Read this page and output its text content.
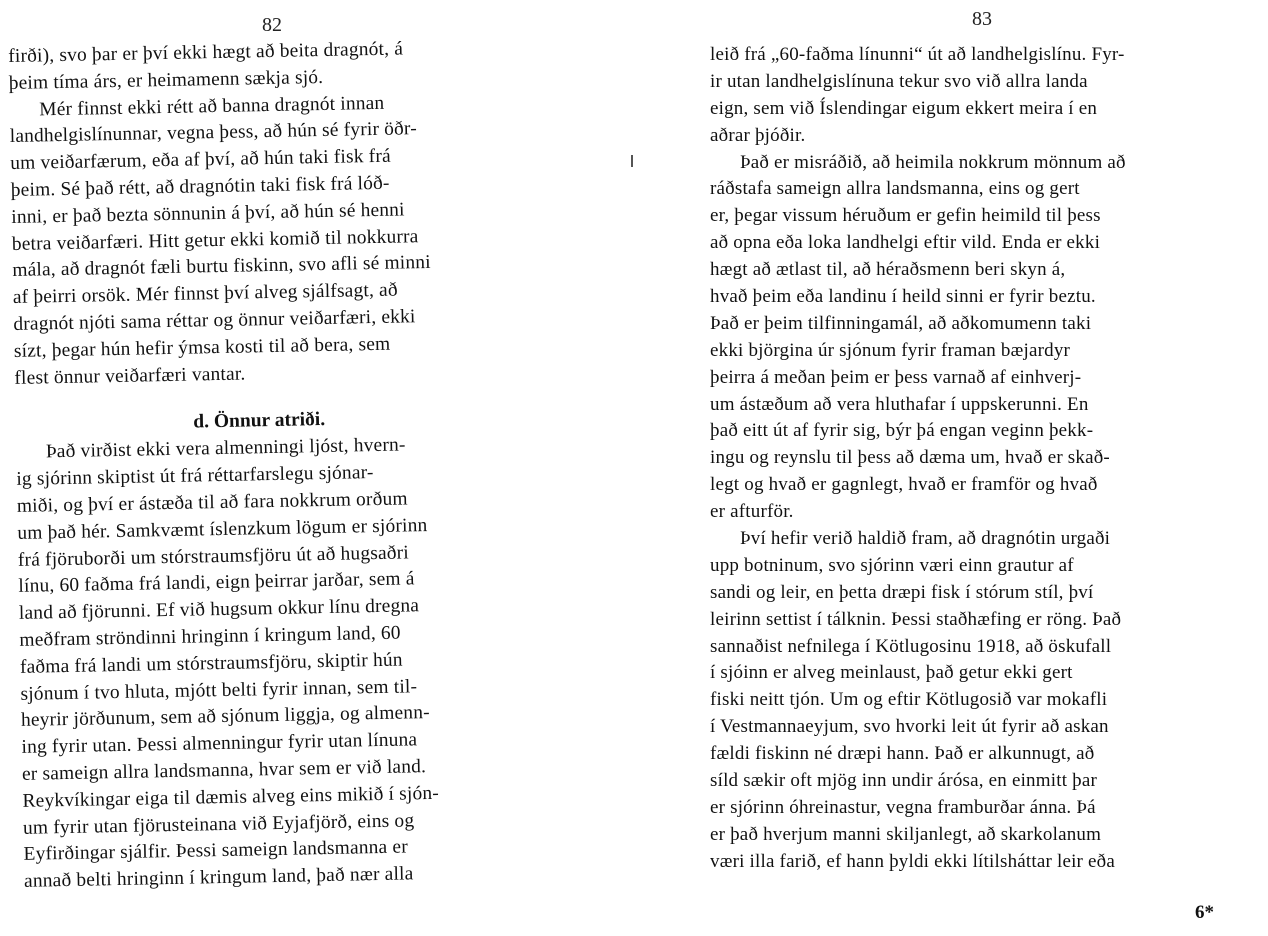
82
firði), svo þar er því ekki hægt að beita dragnót, á
þeim tíma árs, er heimamenn sækja sjó.
Mér finnst ekki rétt að banna dragnót innan
landhelgislínunnar, vegna þess, að hún sé fyrir öðr-
um veiðarfærum, eða af því, að hún taki fisk frá
þeim. Sé það rétt, að dragnótin taki fisk frá lóð-
inni, er það bezta sönnunin á því, að hún sé henni
betra veiðarfæri. Hitt getur ekki komið til nokkurra
mála, að dragnót fæli burtu fiskinn, svo afli sé minni
af þeirri orsök. Mér finnst því alveg sjálfsagt, að
dragnót njóti sama réttar og önnur veiðarfæri, ekki
sízt, þegar hún hefir ýmsa kosti til að bera, sem
flest önnur veiðarfæri vantar.
d. Önnur atriði.
Það virðist ekki vera almenningi ljóst, hvern-
ig sjórinn skiptist út frá réttarfarslegu sjónar-
miði, og því er ástæða til að fara nokkrum orðum
um það hér. Samkvæmt íslenzkum lögum er sjórinn
frá fjöruborði um stórstraumsfjöru út að hugsaðri
línu, 60 faðma frá landi, eign þeirrar jarðar, sem á
land að fjörunni. Ef við hugsum okkur línu dregna
meðfram ströndinni hringinn í kringum land, 60
faðma frá landi um stórstraumsfjöru, skiptir hún
sjónum í tvo hluta, mjótt belti fyrir innan, sem til-
heyrir jörðunum, sem að sjónum liggja, og almenn-
ing fyrir utan. Þessi almenningur fyrir utan línuna
er sameign allra landsmanna, hvar sem er við land.
Reykvíkingar eiga til dæmis alveg eins mikið í sjón-
um fyrir utan fjörusteinana við Eyjafjörð, eins og
Eyfirðingar sjálfir. Þessi sameign landsmanna er
annað belti hringinn í kringum land, það nær alla
83
leið frá „60-faðma línunni“ út að landhelgislínu. Fyr-
ir utan landhelgislínuna tekur svo við allra landa
eign, sem við Íslendingar eigum ekkert meira í en
aðrar þjóðir.
Það er misráðið, að heimila nokkrum mönnum að
ráðstafa sameign allra landsmanna, eins og gert
er, þegar vissum héruðum er gefin heimild til þess
að opna eða loka landhelgi eftir vild. Enda er ekki
hægt að ætlast til, að héraðsmenn beri skyn á,
hvað þeim eða landinu í heild sinni er fyrir beztu.
Það er þeim tilfinningamál, að aðkomumenn taki
ekki björgina úr sjónum fyrir framan bæjardyr
þeirra á meðan þeim er þess varnað af einhverj-
um ástæðum að vera hluthafar í uppskerunni. En
það eitt út af fyrir sig, býr þá engan veginn þekk-
ingu og reynslu til þess að dæma um, hvað er skað-
legt og hvað er gagnlegt, hvað er framför og hvað
er afturför.
Því hefir verið haldið fram, að dragnótin urgaði
upp botninum, svo sjórinn væri einn grautur af
sandi og leir, en þetta dræpi fisk í stórum stíl, því
leirinn settist í tálknin. Þessi staðhæfing er röng. Það
sannaðist nefnilega í Kötlugosinu 1918, að öskufall
í sjóinn er alveg meinlaust, það getur ekki gert
fiski neitt tjón. Um og eftir Kötlugosið var mokafli
í Vestmannaeyjum, svo hvorki leit út fyrir að askan
fældi fiskinn né dræpi hann. Það er alkunnugt, að
síld sækir oft mjög inn undir árósa, en einmitt þar
er sjórinn óhreinastur, vegna framburðar ánna. Þá
er það hverjum manni skiljanlegt, að skarkolanum
væri illa farið, ef hann þyldi ekki lítilsháttar leir eða
6*
